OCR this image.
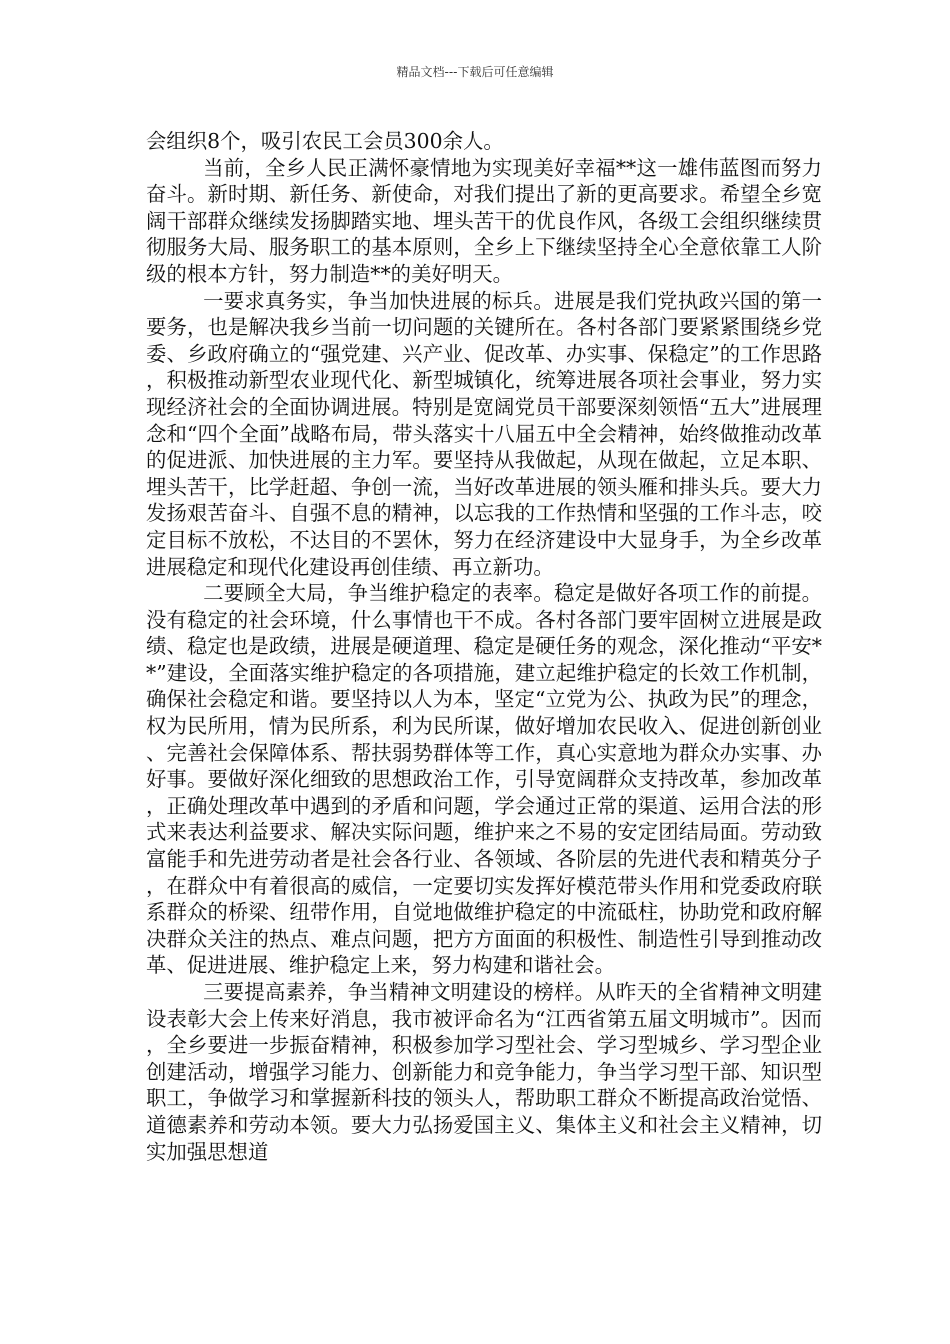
精品文档---下载后可任意编辑

会组织8个，吸引农民工会员300余人。

当前，全乡人民正满怀豪情地为实现美好幸福**这一雄伟蓝图而努力奋斗。新时期、新任务、新使命，对我们提出了新的更高要求。希望全乡宽阔干部群众继续发扬脚踏实地、埋头苦干的优良作风，各级工会组织继续贯彻服务大局、服务职工的基本原则，全乡上下继续坚持全心全意依靠工人阶级的根本方针，努力制造**的美好明天。

一要求真务实，争当加快进展的标兵。进展是我们党执政兴国的第一要务，也是解决我乡当前一切问题的关键所在。各村各部门要紧紧围绕乡党委、乡政府确立的“强党建、兴产业、促改革、办实事、保稳定”的工作思路，积极推动新型农业现代化、新型城镇化，统筹进展各项社会事业，努力实现经济社会的全面协调进展。特别是宽阔党员干部要深刻领悟“五大”进展理念和“四个全面”战略布局，带头落实十八届五中全会精神，始终做推动改革的促进派、加快进展的主力军。要坚持从我做起，从现在做起，立足本职、埋头苦干，比学赶超、争创一流，当好改革进展的领头雁和排头兵。要大力发扬艰苦奋斗、自强不息的精神，以忘我的工作热情和坚强的工作斗志，咬定目标不放松，不达目的不罢休，努力在经济建设中大显身手，为全乡改革进展稳定和现代化建设再创佳绩、再立新功。

二要顾全大局，争当维护稳定的表率。稳定是做好各项工作的前提。没有稳定的社会环境，什么事情也干不成。各村各部门要牢固树立进展是政绩、稳定也是政绩，进展是硬道理、稳定是硬任务的观念，深化推动“平安**”建设，全面落实维护稳定的各项措施，建立起维护稳定的长效工作机制，确保社会稳定和谐。要坚持以人为本，坚定“立党为公、执政为民”的理念，权为民所用，情为民所系，利为民所谋，做好增加农民收入、促进创新创业、完善社会保障体系、帮扶弱势群体等工作，真心实意地为群众办实事、办好事。要做好深化细致的思想政治工作，引导宽阔群众支持改革，参加改革，正确处理改革中遇到的矛盾和问题，学会通过正常的渠道、运用合法的形式来表达利益要求、解决实际问题，维护来之不易的安定团结局面。劳动致富能手和先进劳动者是社会各行业、各领域、各阶层的先进代表和精英分子，在群众中有着很高的威信，一定要切实发挥好模范带头作用和党委政府联系群众的桥梁、纽带作用，自觉地做维护稳定的中流砥柱，协助党和政府解决群众关注的热点、难点问题，把方方面面的积极性、制造性引导到推动改革、促进进展、维护稳定上来，努力构建和谐社会。

三要提高素养，争当精神文明建设的榜样。从昨天的全省精神文明建设表彰大会上传来好消息，我市被评命名为“江西省第五届文明城市”。因而，全乡要进一步振奋精神，积极参加学习型社会、学习型城乡、学习型企业创建活动，增强学习能力、创新能力和竞争能力，争当学习型干部、知识型职工，争做学习和掌握新科技的领头人，帮助职工群众不断提高政治觉悟、道德素养和劳动本领。要大力弘扬爱国主义、集体主义和社会主义精神，切实加强思想道
